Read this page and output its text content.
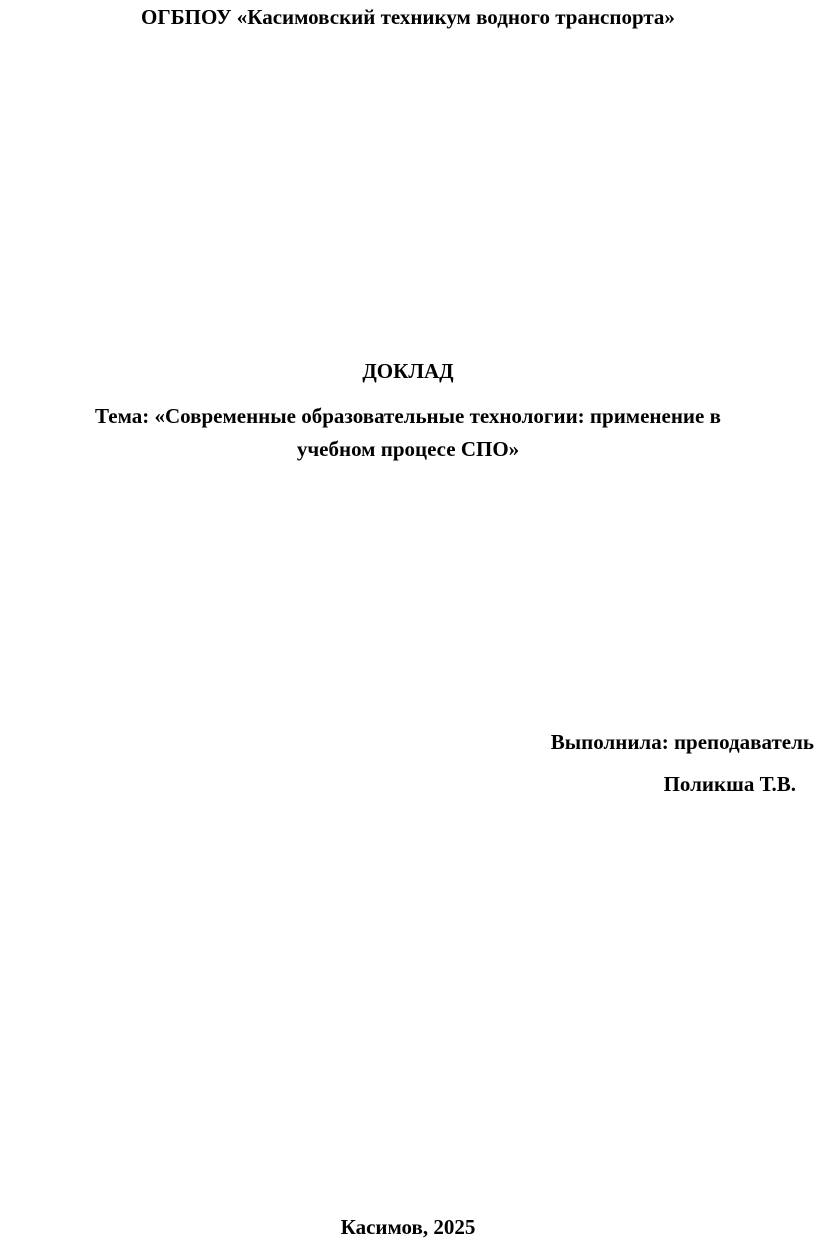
ОГБПОУ «Касимовский техникум водного транспорта»

ДОКЛАД

Тема: «Современные образовательные технологии: применение в

учебном процесе СПО»

Выполнила: преподаватель

Поликша Т.В.

Касимов, 2025
